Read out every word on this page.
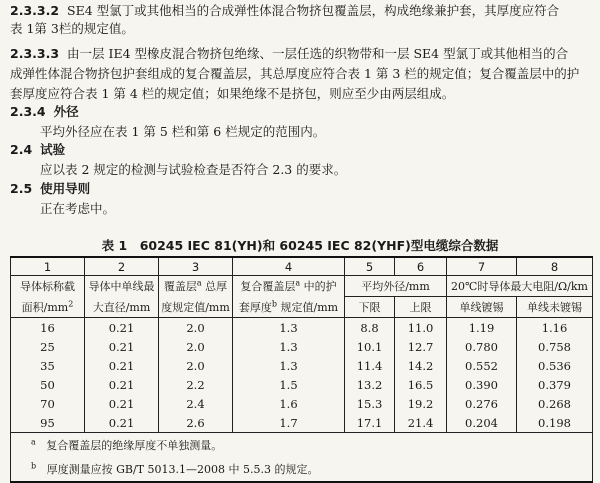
2.3.3.2 SE4 型氯丁或其他相当的合成弹性体混合物挤包覆盖层，构成绝缘兼护套，其厚度应符合
表 1第 3栏的规定值。
2.3.3.3 由一层 IE4 型橡皮混合物挤包绝缘、一层任选的织物带和一层 SE4 型氯丁或其他相当的合
成弹性体混合物挤包护套组成的复合覆盖层，其总厚度应符合表 1 第 3 栏的规定值；复合覆盖层中的护
套厚度应符合表 1 第 4 栏的规定值；如果绝缘不是挤包，则应至少由两层组成。
2.3.4 外径
平均外径应在表 1 第 5 栏和第 6 栏规定的范围内。
2.4 试验
应以表 2 规定的检测与试验检查是否符合 2.3 的要求。
2.5 使用导则
正在考虑中。
表 1　60245 IEC 81(YH)和 60245 IEC 82(YHF)型电缆综合数据
1	2	3	4	5	6	7	8
导体标称截	导体中单线最	覆盖层$^a$ 总厚	复合覆盖层$^a$ 中的护	平均外径/mm		20℃时导体最大电阻/Ω/km	
面积$/mm^2$	大直径/mm	度规定值/mm	套厚度$^b$ 规定值/mm	下限	上限	单线镀锡	单线未镀锡
16	0.21	2.0	1.3	8.8	11.0	1.19	1.16
25	0.21	2.0	1.3	10.1	12.7	0.780	0.758
35	0.21	2.0	1.3	11.4	14.2	0.552	0.536
50	0.21	2.2	1.5	13.2	16.5	0.390	0.379
70	0.21	2.4	1.6	15.3	19.2	0.276	0.268
95	0.21	2.6	1.7	17.1	21.4	0.204	0.198
$^a$ 复合覆盖层的绝缘厚度不单独测量。							
$^b$ 厚度测量应按 GB/T 5013.1—2008 中 5.5.3 的规定。							
